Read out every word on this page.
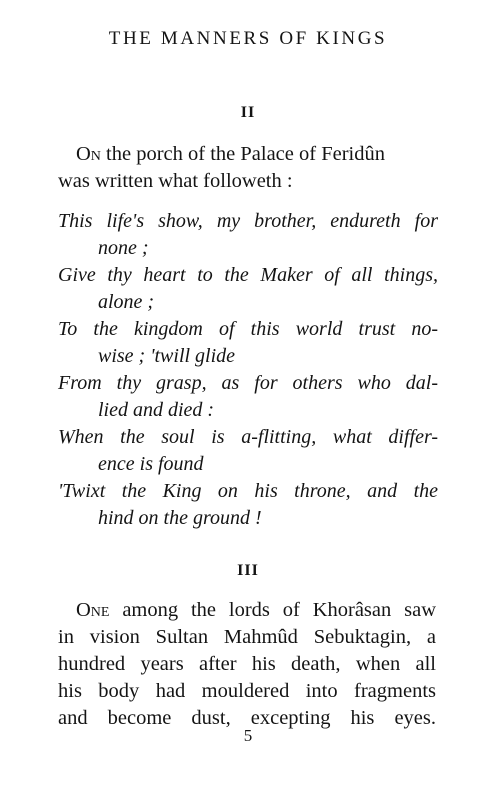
THE MANNERS OF KINGS
II
On the porch of the Palace of Feridûn
was written what followeth :
This life's show, my brother, endureth for
none ;
Give thy heart to the Maker of all things,
alone ;
To the kingdom of this world trust no-
wise ; 'twill glide
From thy grasp, as for others who dal-
lied and died :
When the soul is a-flitting, what differ-
ence is found
'Twixt the King on his throne, and the
hind on the ground !
III
One among the lords of Khorâsan saw
in vision Sultan Mahmûd Sebuktagin, a
hundred years after his death, when all
his body had mouldered into fragments
and become dust, excepting his eyes.
5
